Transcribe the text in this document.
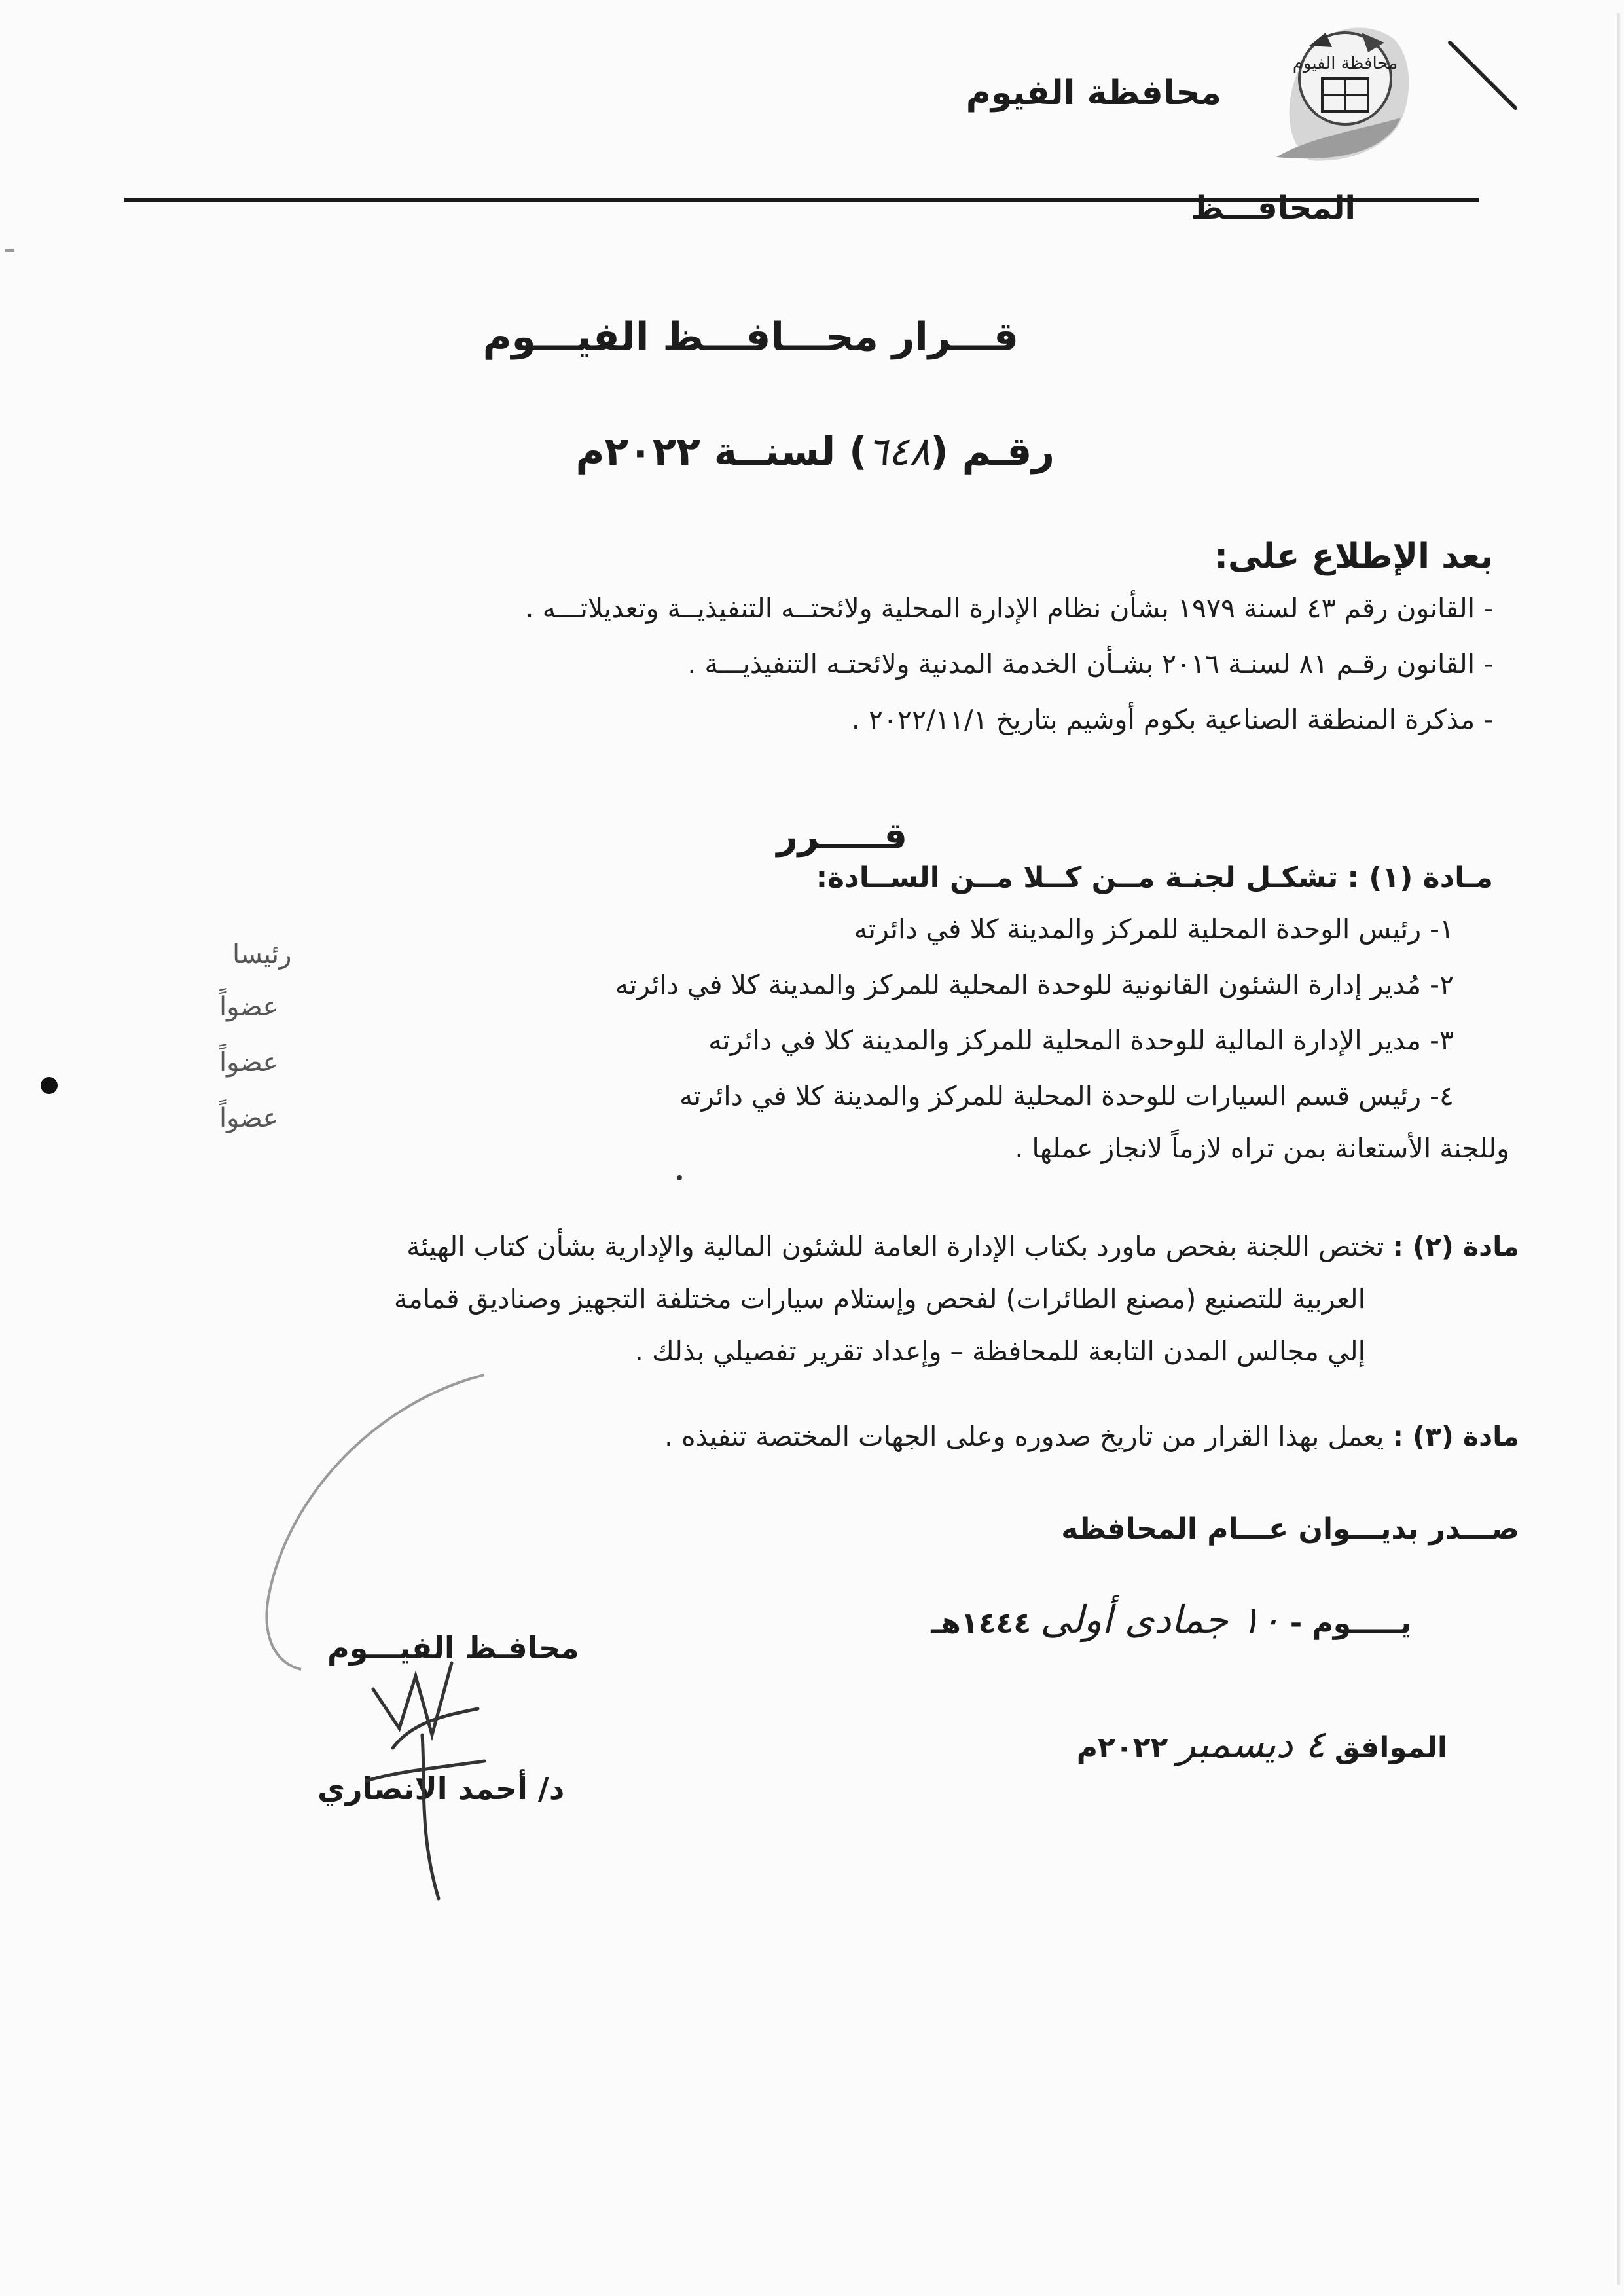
محافظة الفيوم
محافظة الفيوم
المحافـــظ
قـــرار محـــافـــظ الفيـــوم
رقـم (٦٤٨) لسنــة ٢٠٢٢م
بعد الإطلاع على:
- القانون رقم ٤٣ لسنة ١٩٧٩ بشأن نظام الإدارة المحلية ولائحتــه التنفيذيــة وتعديلاتـــه .
- القانون رقـم ٨١ لسنـة ٢٠١٦ بشـأن الخدمة المدنية ولائحتـه التنفيذيـــة .
- مذكرة المنطقة الصناعية بكوم أوشيم بتاريخ ٢٠٢٢/١١/١ .
قـــــرر
مـادة (١) : تشكـل لجنـة مــن كــلا مــن الســادة:
١- رئيس الوحدة المحلية للمركز والمدينة كلا في دائرته
رئيسا
٢- مُدير إدارة الشئون القانونية للوحدة المحلية للمركز والمدينة كلا في دائرته
عضواً
٣- مدير الإدارة المالية للوحدة المحلية للمركز والمدينة كلا في دائرته
عضواً
٤- رئيس قسم السيارات للوحدة المحلية للمركز والمدينة كلا في دائرته
عضواً
وللجنة الأستعانة بمن تراه لازماً لانجاز عملها .
مادة (٢) : تختص اللجنة بفحص ماورد بكتاب الإدارة العامة للشئون المالية والإدارية بشأن كتاب الهيئة
العربية للتصنيع (مصنع الطائرات) لفحص وإستلام سيارات مختلفة التجهيز وصناديق قمامة
إلي مجالس المدن التابعة للمحافظة – وإعداد تقرير تفصيلي بذلك .
مادة (٣) : يعمل بهذا القرار من تاريخ صدوره وعلى الجهات المختصة تنفيذه .
صـــدر بديـــوان عـــام المحافظه
يـــــوم - ١٠ جمادى أولى ١٤٤٤هـ
الموافق ٤ ديسمبر ٢٠٢٢م
محافـظ الفيـــوم
د/ أحمد الانصاري
